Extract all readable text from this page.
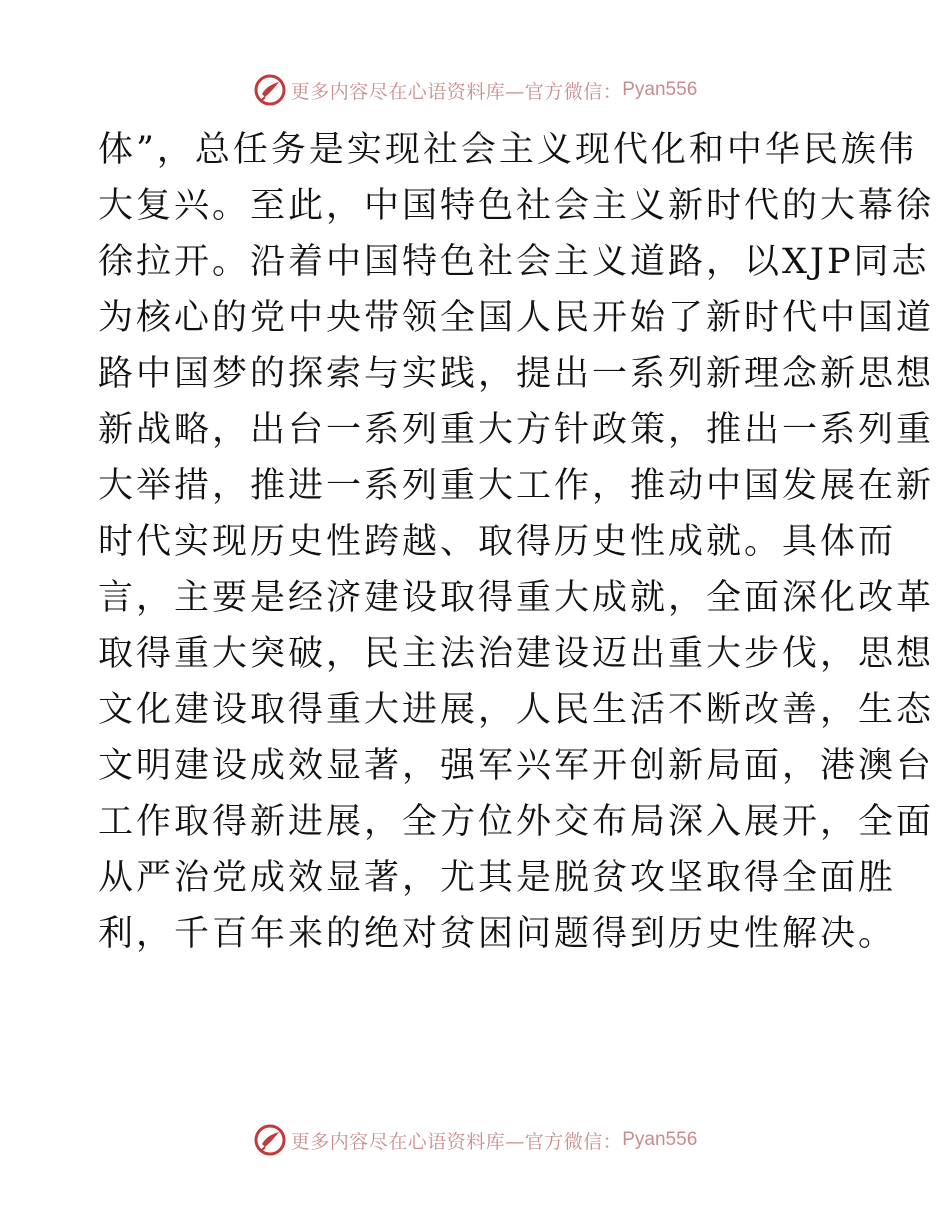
更多内容尽在心语资料库—官方微信： Pyan556
体”，总任务是实现社会主义现代化和中华民族伟
大复兴。至此，中国特色社会主义新时代的大幕徐
徐拉开。沿着中国特色社会主义道路，以XJP同志
为核心的党中央带领全国人民开始了新时代中国道
路中国梦的探索与实践，提出一系列新理念新思想
新战略，出台一系列重大方针政策，推出一系列重
大举措，推进一系列重大工作，推动中国发展在新
时代实现历史性跨越、取得历史性成就。具体而
言，主要是经济建设取得重大成就，全面深化改革
取得重大突破，民主法治建设迈出重大步伐，思想
文化建设取得重大进展，人民生活不断改善，生态
文明建设成效显著，强军兴军开创新局面，港澳台
工作取得新进展，全方位外交布局深入展开，全面
从严治党成效显著，尤其是脱贫攻坚取得全面胜
利，千百年来的绝对贫困问题得到历史性解决。
更多内容尽在心语资料库—官方微信： Pyan556
